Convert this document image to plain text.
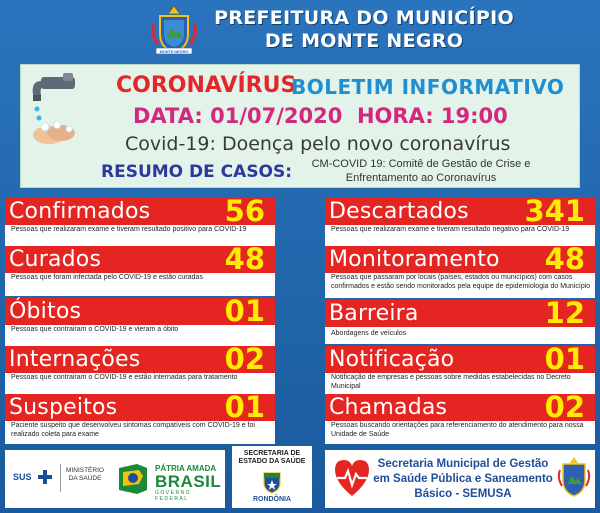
MONTE NEGRO
PREFEITURA DO MUNICÍPIO
DE MONTE NEGRO
CORONAVÍRUS
BOLETIM INFORMATIVO
DATA: 01/07/2020  HORA: 19:00
Covid-19: Doença pelo novo coronavírus
RESUMO DE CASOS:	CM-COVID 19: Comitê de Gestão de Crise e Enfrentamento ao Coronavírus
Confirmados	56
Pessoas que realizaram exame e tiveram resultado positivo para COVID-19
Curados	48
Pessoas que foram infectada pelo COVID-19 e estão curadas
Óbitos	01
Pessoas que contrairam o COVID-19 e vieram a óbito
Internações	02
Pessoas que contrairam o COVID-19 e estão internadas para tratamento
Suspeitos	01
Paciente suspeito que desenvolveu sintomas compatíveis com COVID-19 e foi realizado coleta para exame
Descartados 341
Pessoas que realizaram exame e tiveram resultado negativo para COVID-19
Monitoramento 48
Pessoas que passaram por locais (países, estados ou municípios) com casos confirmados e estão sendo monitorados pela equipe de epidemiologia do Município
Barreira	12
Abordagens de veículos
Notificação	01
Notificação de empresas e pessoas sobre medidas estabelecidas no Decreto Municipal
Chamadas	02
Pessoas buscando orientações para referenciamento do atendimento para nossa Unidade de Saúde
SUS
MINISTÉRIO DA SAÚDE
PÁTRIA AMADA
BRASIL
GOVERNO FEDERAL
SECRETARIA DE ESTADO DA SAÚDE
RONDÔNIA
Secretaria Municipal de Gestão em Saúde Pública e Saneamento Básico - SEMUSA
